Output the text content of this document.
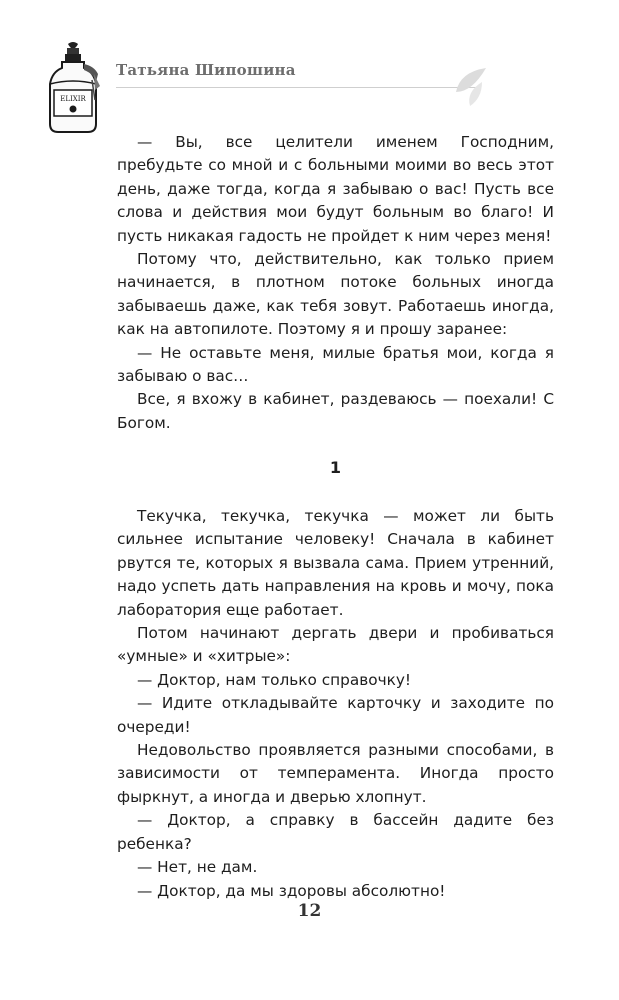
ELIXIR
Татьяна Шипошина

— Вы, все целители именем Господним, пребудьте со мной и с больными моими во весь этот день, даже тогда, когда я забываю о вас! Пусть все слова и действия мои будут больным во благо! И пусть никакая гадость не пройдет к ним через меня!

Потому что, действительно, как только прием начинается, в плотном потоке больных иногда забываешь даже, как тебя зовут. Работаешь иногда, как на автопилоте. Поэтому я и прошу заранее:

— Не оставьте меня, милые братья мои, когда я забываю о вас…

Все, я вхожу в кабинет, раздеваюсь — поехали! С Богом.

1

Текучка, текучка, текучка — может ли быть сильнее испытание человеку! Сначала в кабинет рвутся те, которых я вызвала сама. Прием утренний, надо успеть дать направления на кровь и мочу, пока лаборатория еще работает.

Потом начинают дергать двери и пробиваться «умные» и «хитрые»:

— Доктор, нам только справочку!

— Идите откладывайте карточку и заходите по очереди!

Недовольство проявляется разными способами, в зависимости от темперамента. Иногда просто фыркнут, а иногда и дверью хлопнут.

— Доктор, а справку в бассейн дадите без ребенка?

— Нет, не дам.

— Доктор, да мы здоровы абсолютно!

12
